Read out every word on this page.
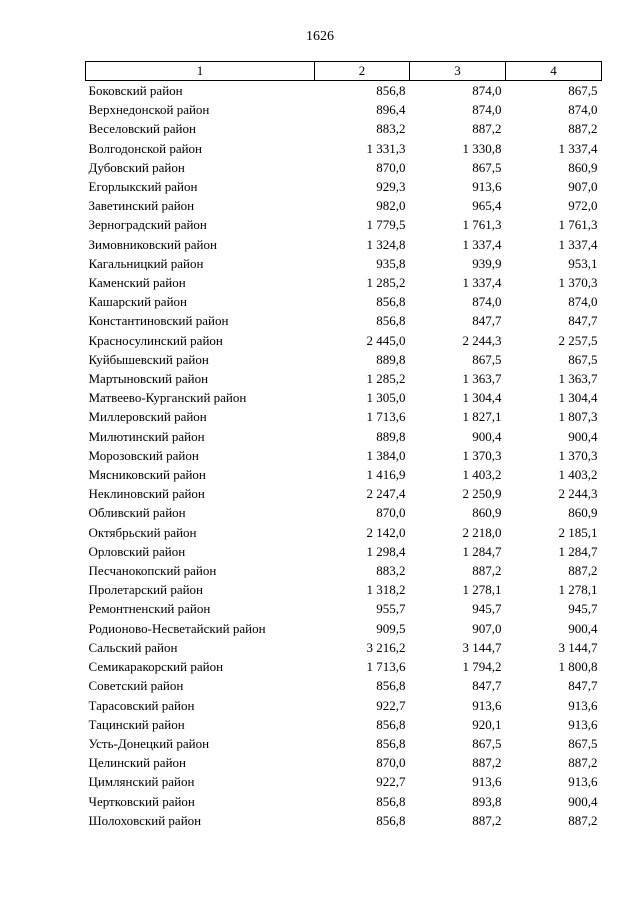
1626
1	2	3	4
Боковский район	856,8	874,0	867,5
Верхнедонской район	896,4	874,0	874,0
Веселовский район	883,2	887,2	887,2
Волгодонской район	1 331,3	1 330,8	1 337,4
Дубовский район	870,0	867,5	860,9
Егорлыкский район	929,3	913,6	907,0
Заветинский район	982,0	965,4	972,0
Зерноградский район	1 779,5	1 761,3	1 761,3
Зимовниковский район	1 324,8	1 337,4	1 337,4
Кагальницкий район	935,8	939,9	953,1
Каменский район	1 285,2	1 337,4	1 370,3
Кашарский район	856,8	874,0	874,0
Константиновский район	856,8	847,7	847,7
Красносулинский район	2 445,0	2 244,3	2 257,5
Куйбышевский район	889,8	867,5	867,5
Мартыновский район	1 285,2	1 363,7	1 363,7
Матвеево-Курганский район	1 305,0	1 304,4	1 304,4
Миллеровский район	1 713,6	1 827,1	1 807,3
Милютинский район	889,8	900,4	900,4
Морозовский район	1 384,0	1 370,3	1 370,3
Мясниковский район	1 416,9	1 403,2	1 403,2
Неклиновский район	2 247,4	2 250,9	2 244,3
Обливский район	870,0	860,9	860,9
Октябрьский район	2 142,0	2 218,0	2 185,1
Орловский район	1 298,4	1 284,7	1 284,7
Песчанокопский район	883,2	887,2	887,2
Пролетарский район	1 318,2	1 278,1	1 278,1
Ремонтненский район	955,7	945,7	945,7
Родионово-Несветайский район	909,5	907,0	900,4
Сальский район	3 216,2	3 144,7	3 144,7
Семикаракорский район	1 713,6	1 794,2	1 800,8
Советский район	856,8	847,7	847,7
Тарасовский район	922,7	913,6	913,6
Тацинский район	856,8	920,1	913,6
Усть-Донецкий район	856,8	867,5	867,5
Целинский район	870,0	887,2	887,2
Цимлянский район	922,7	913,6	913,6
Чертковский район	856,8	893,8	900,4
Шолоховский район	856,8	887,2	887,2
